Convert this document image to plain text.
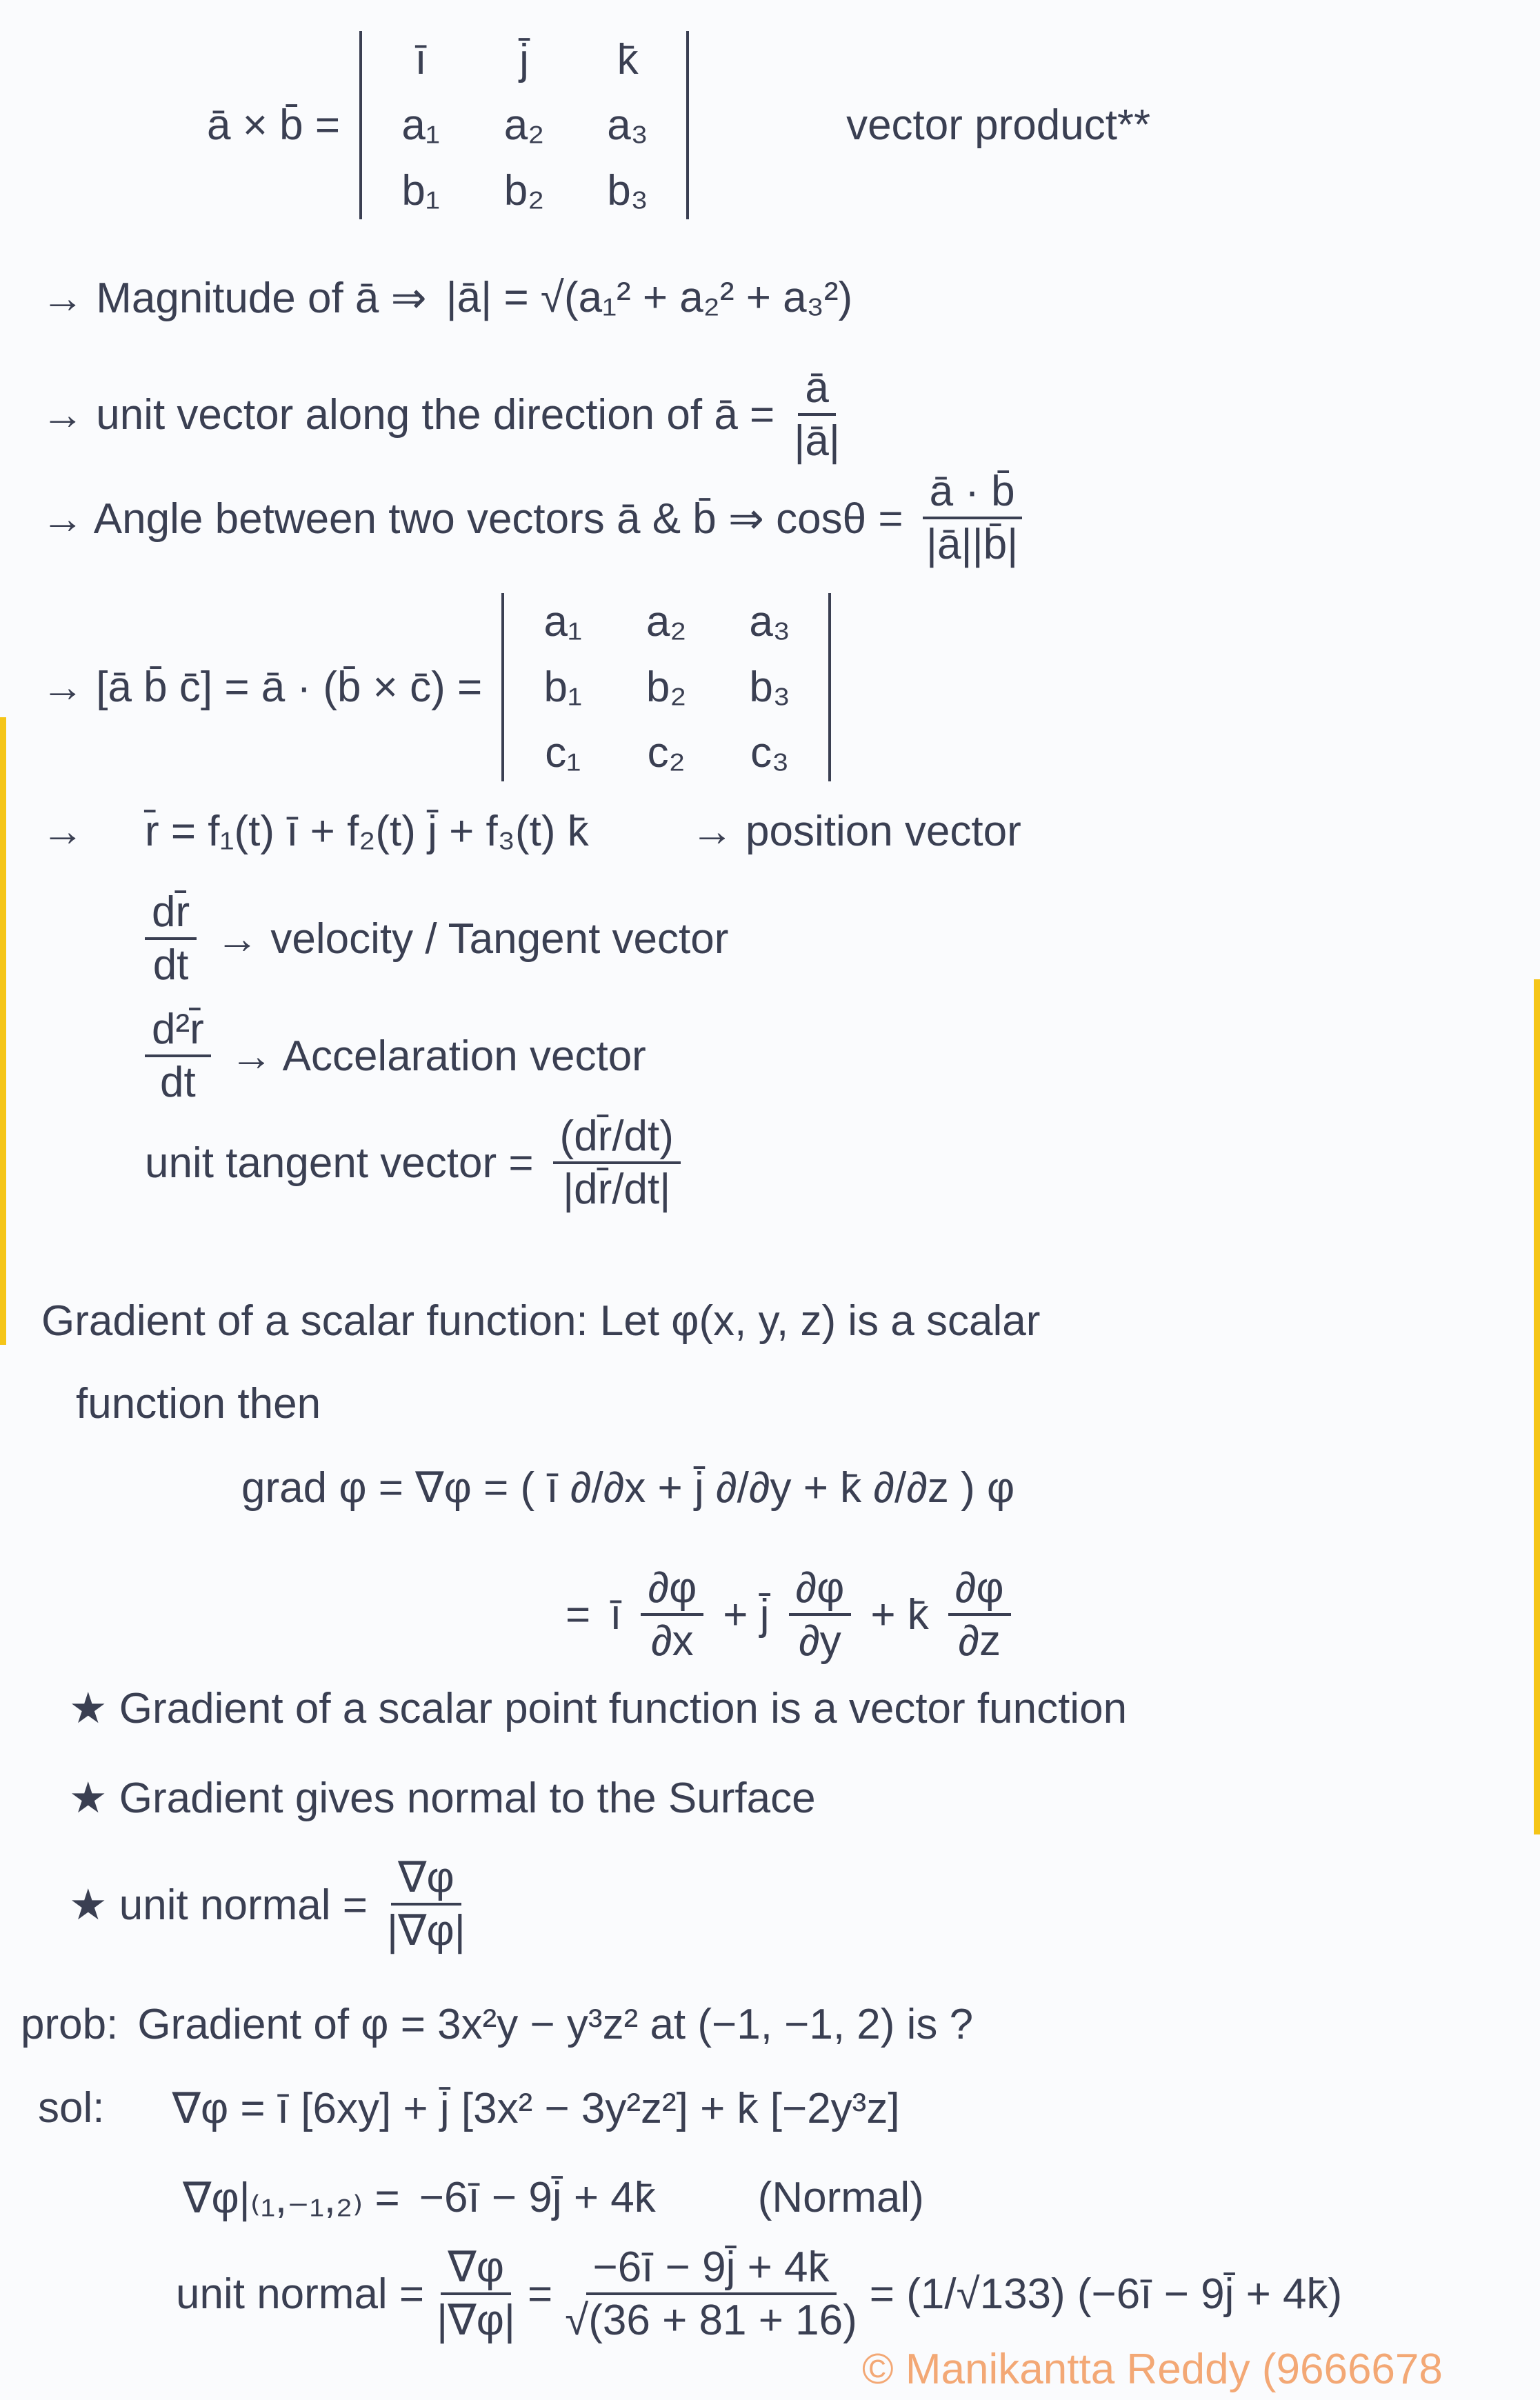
ā × b̄ =
ī	j̄	k̄
a₁	a₂	a₃
b₁	b₂	b₃
vector product**
→ Magnitude of ā ⇒ |ā| = √(a₁² + a₂² + a₃²)
→ unit vector along the direction of ā = $\frac{ā}{|ā|}$
→ Angle between two vectors ā & b̄ ⇒ $\cos\theta = \frac{ā \cdot b̄}{|ā||b̄|}$
→ [ā b̄ c̄] = ā · (b̄ × c̄) =
a₁	a₂	a₃
b₁	b₂	b₃
c₁	c₂	c₃
→ r̄ = f₁(t) ī + f₂(t) j̄ + f₃(t) k̄ → position vector
$\frac{dr̄}{dt}$ → velocity / Tangent vector
$\frac{\text{d²r̄}}{dt}$ → Accelaration vector
unit tangent vector = $\frac{(dr̄/dt)}{|dr̄/dt|}$
Gradient of a scalar function: Let φ(x, y, z) is a scalar
function then
grad φ = ∇φ = ( ī ∂/∂x + j̄ ∂/∂y + k̄ ∂/∂z ) φ
= ī $\frac{\partial\varphi}{\partial x}$ + j̄ $\frac{\partial\varphi}{\partial y}$ + k̄ $\frac{\partial\varphi}{\partial z}$
★ Gradient of a scalar point function is a vector function
★ Gradient gives normal to the Surface
★ unit normal = $\frac{\nabla\varphi}{|\nabla\varphi|}$
prob: Gradient of φ = 3x²y − y³z² at (−1, −1, 2) is ?
sol: ∇φ = ī [6xy] + j̄ [3x² − 3y²z²] + k̄ [−2y³z]
∇φ|₍₁,₋₁,₂₎ = −6ī − 9j̄ + 4k̄ (Normal)
unit normal = $\frac{\nabla\varphi}{|\nabla\varphi|} = \frac{-6ī - 9j̄ + 4k̄}{√(36 + 81 + 16)} = (1/√133)$ (−6ī − 9j̄ + 4k̄)
© Manikantta Reddy (9666678
